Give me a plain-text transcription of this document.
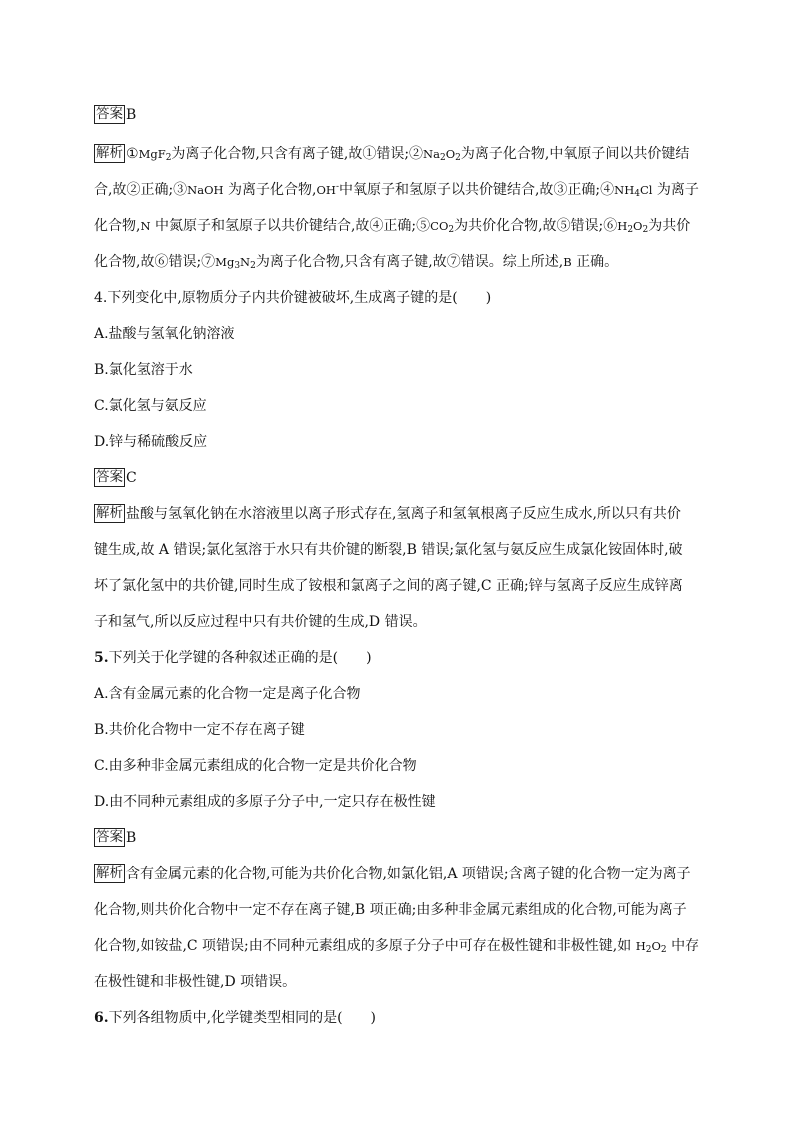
答案 B
解析 ①MgF$_2$为离子化合物,只含有离子键,故①错误$;②Na_2O_2$为离子化合物,中氧原子间以共价键结
合,故②正确;③NaOH 为离子化合物,OH-中氧原子和氢原子以共价键结合,故③正确$;④NH_4Cl$ 为离子
化合物,N 中氮原子和氢原子以共价键结合,故④正确$;⑤CO_2$为共价化合物,故⑤错误$;⑥H_2O_2$为共价
化合物,故⑥错误$;⑦Mg_3N_2$为离子化合物,只含有离子键,故⑦错误。综上所述,B 正确。
4.下列变化中,原物质分子内共价键被破坏,生成离子键的是(　　)
A.盐酸与氢氧化钠溶液
B.氯化氢溶于水
C.氯化氢与氨反应
D.锌与稀硫酸反应
答案 C
解析 盐酸与氢氧化钠在水溶液里以离子形式存在,氢离子和氢氧根离子反应生成水,所以只有共价
键生成,故 A 错误;氯化氢溶于水只有共价键的断裂,B 错误;氯化氢与氨反应生成氯化铵固体时,破
坏了氯化氢中的共价键,同时生成了铵根和氯离子之间的离子键,C 正确;锌与氢离子反应生成锌离
子和氢气,所以反应过程中只有共价键的生成,D 错误。
5.下列关于化学键的各种叙述正确的是(　　)
A.含有金属元素的化合物一定是离子化合物
B.共价化合物中一定不存在离子键
C.由多种非金属元素组成的化合物一定是共价化合物
D.由不同种元素组成的多原子分子中,一定只存在极性键
答案 B
解析 含有金属元素的化合物,可能为共价化合物,如氯化铝,A 项错误;含离子键的化合物一定为离子
化合物,则共价化合物中一定不存在离子键,B 项正确;由多种非金属元素组成的化合物,可能为离子
化合物,如铵盐,C 项错误;由不同种元素组成的多原子分子中可存在极性键和非极性键,如 $H_2O_2$ 中存
在极性键和非极性键,D 项错误。
6.下列各组物质中,化学键类型相同的是(　　)
